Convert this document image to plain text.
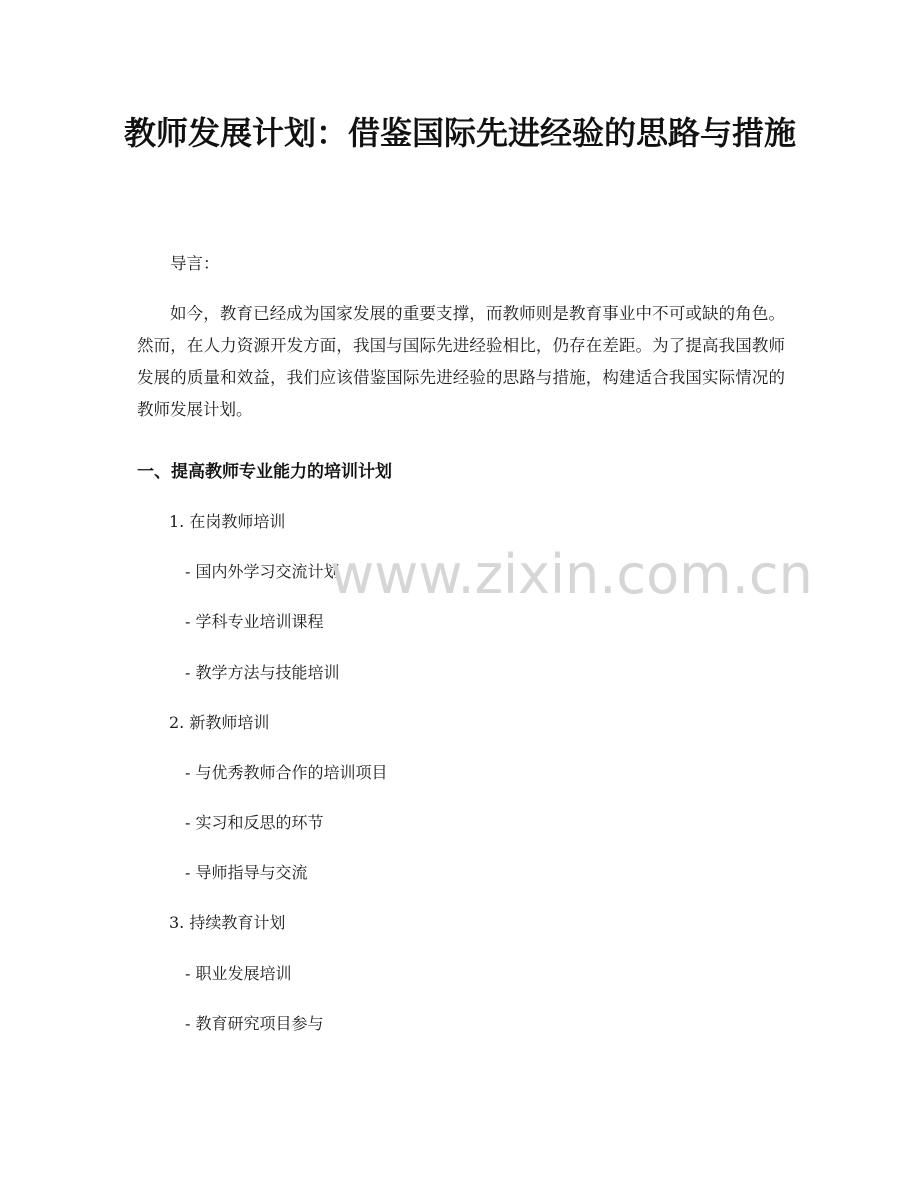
教师发展计划：借鉴国际先进经验的思路与措施

导言：

如今，教育已经成为国家发展的重要支撑，而教师则是教育事业中不可或缺的角色。然而，在人力资源开发方面，我国与国际先进经验相比，仍存在差距。为了提高我国教师发展的质量和效益，我们应该借鉴国际先进经验的思路与措施，构建适合我国实际情况的教师发展计划。

一、提高教师专业能力的培训计划

1. 在岗教师培训

- 国内外学习交流计划

- 学科专业培训课程

- 教学方法与技能培训

2. 新教师培训

- 与优秀教师合作的培训项目

- 实习和反思的环节

- 导师指导与交流

3. 持续教育计划

- 职业发展培训

- 教育研究项目参与

www.zixin.com.cn
